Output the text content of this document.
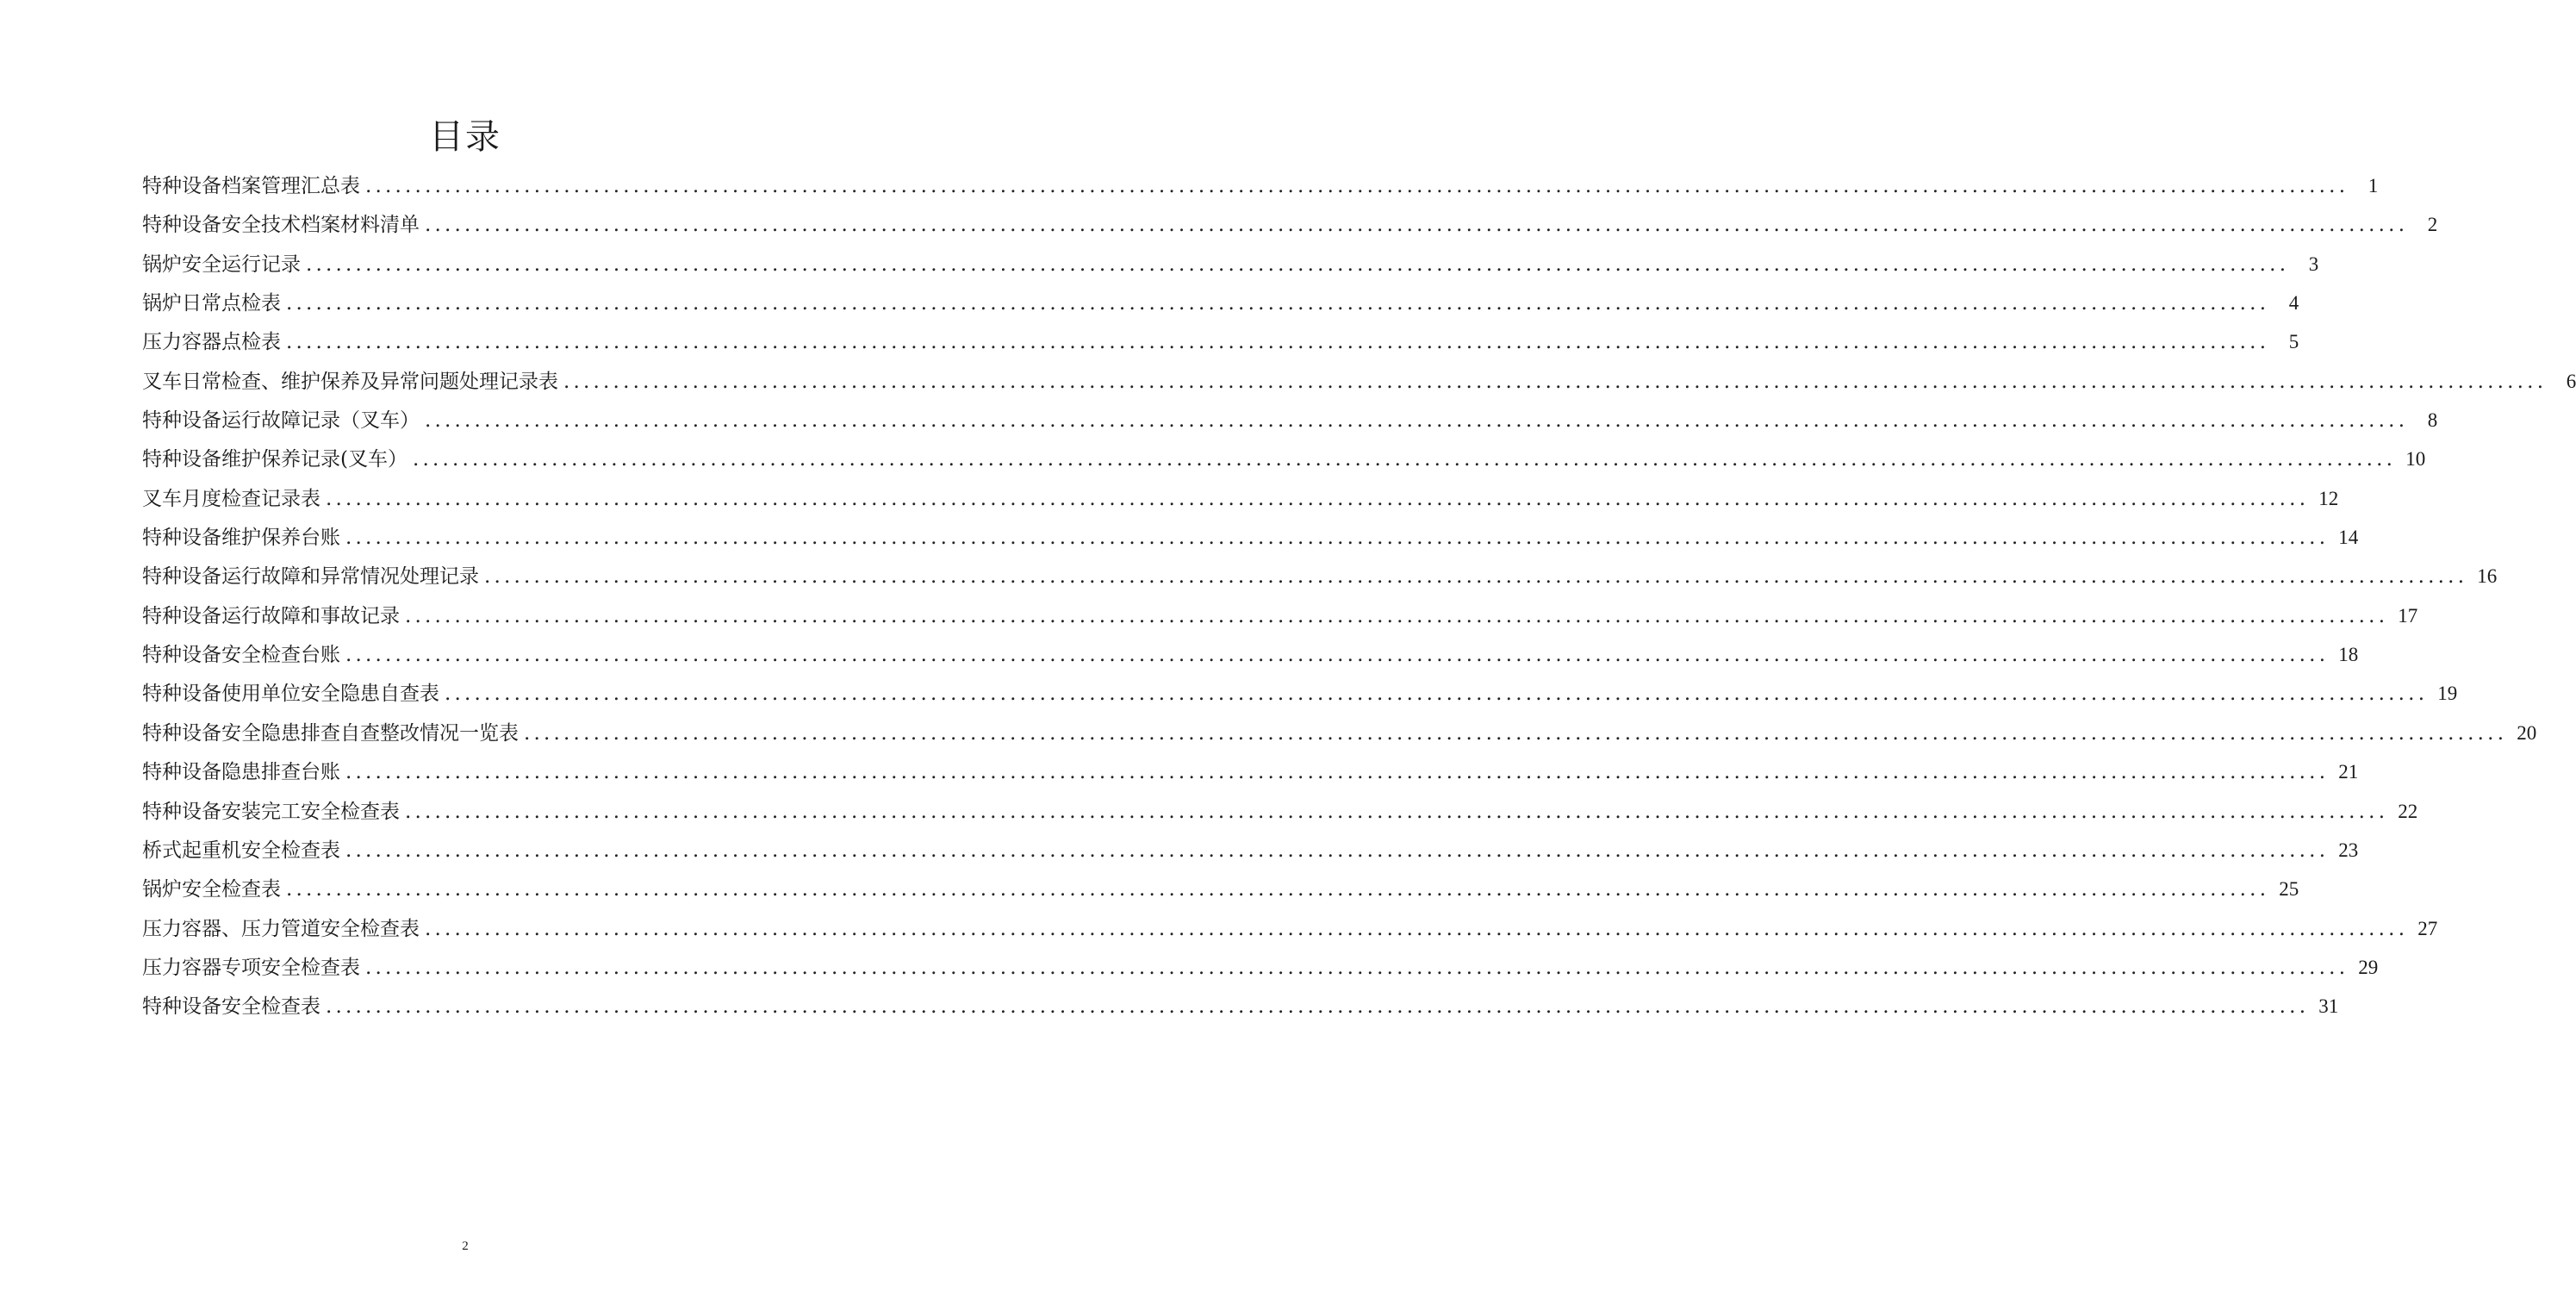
目录
特种设备档案管理汇总表 ........................................................................................................................................................................................................ 1
特种设备安全技术档案材料清单 ........................................................................................................................................................................................................ 2
锅炉安全运行记录 ........................................................................................................................................................................................................ 3
锅炉日常点检表 ........................................................................................................................................................................................................ 4
压力容器点检表 ........................................................................................................................................................................................................ 5
叉车日常检查、维护保养及异常问题处理记录表 ........................................................................................................................................................................................................ 6
特种设备运行故障记录（叉车） ........................................................................................................................................................................................................ 8
特种设备维护保养记录(叉车） ........................................................................................................................................................................................................ 10
叉车月度检查记录表 ........................................................................................................................................................................................................ 12
特种设备维护保养台账 ........................................................................................................................................................................................................ 14
特种设备运行故障和异常情况处理记录 ........................................................................................................................................................................................................ 16
特种设备运行故障和事故记录 ........................................................................................................................................................................................................ 17
特种设备安全检查台账 ........................................................................................................................................................................................................ 18
特种设备使用单位安全隐患自查表 ........................................................................................................................................................................................................ 19
特种设备安全隐患排查自查整改情况一览表 ........................................................................................................................................................................................................ 20
特种设备隐患排查台账 ........................................................................................................................................................................................................ 21
特种设备安装完工安全检查表 ........................................................................................................................................................................................................ 22
桥式起重机安全检查表 ........................................................................................................................................................................................................ 23
锅炉安全检查表 ........................................................................................................................................................................................................ 25
压力容器、压力管道安全检查表 ........................................................................................................................................................................................................ 27
压力容器专项安全检查表 ........................................................................................................................................................................................................ 29
特种设备安全检查表 ........................................................................................................................................................................................................ 31
2
